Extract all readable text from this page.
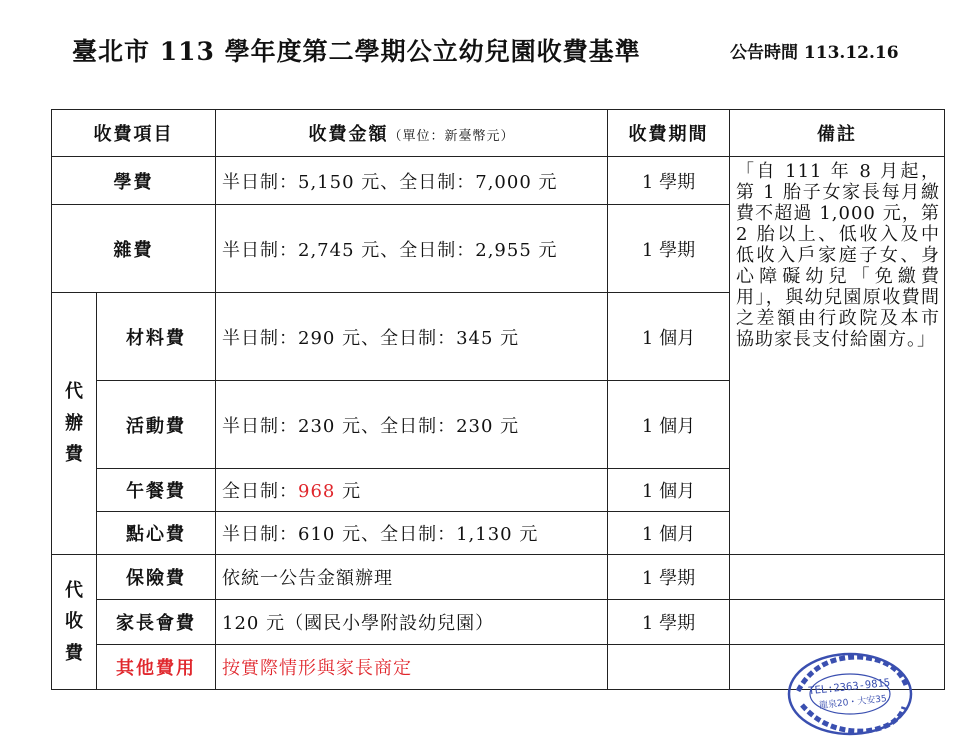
臺北市 113 學年度第二學期公立幼兒園收費基準	公告時間 113.12.16
收費項目		收費金額（單位：新臺幣元）	收費期間	備註
學費		半日制：5,150 元、全日制：7,000 元	1 學期	「自 111 年 8 月起，第 1 胎子女家長每月繳費不超過 1,000 元，第 2 胎以上、低收入及中低收入戶家庭子女、身心障礙幼兒「免繳費用」，與幼兒園原收費間之差額由行政院及本市協助家長支付給園方。」
雜費		半日制：2,745 元、全日制：2,955 元	1 學期	

代
辦
費	材料費	半日制：290 元、全日制：345 元	1 個月	
	活動費	半日制：230 元、全日制：230 元	1 個月	
	午餐費	全日制：968 元	1 個月	
	點心費	半日制：610 元、全日制：1,130 元	1 個月	

代
收
費	保險費	依統一公告金額辦理	1 學期	
	家長會費	120 元（國民小學附設幼兒園）	1 學期	
	其他費用	按實際情形與家長商定		
TEL:2363-9815
龍泉20・大安35
